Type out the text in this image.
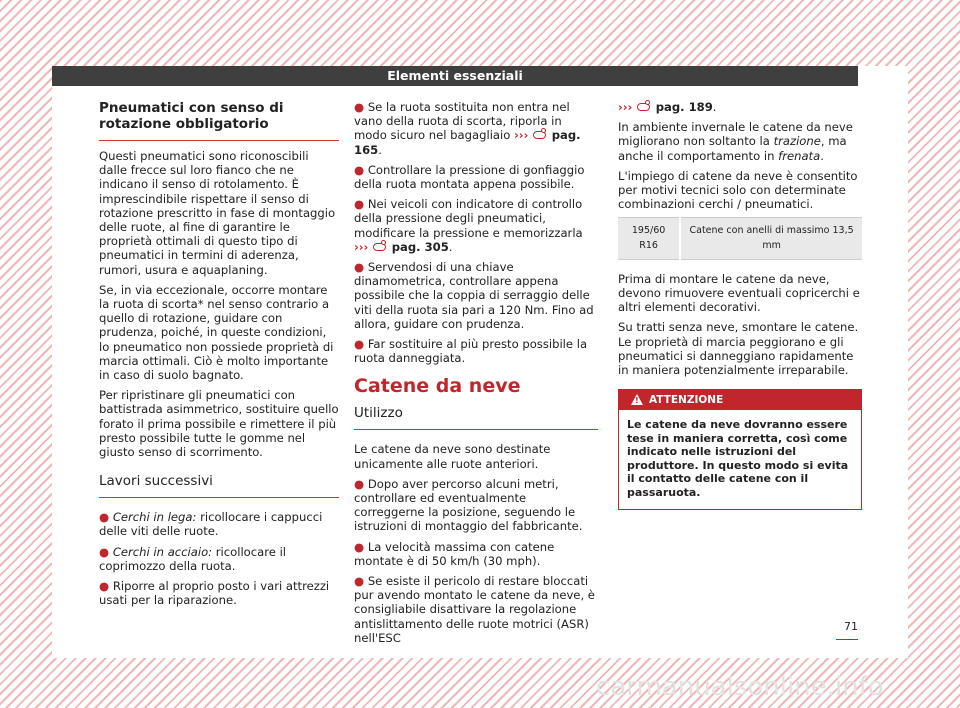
Elementi essenziali
Pneumatici con senso di rotazione obbligatorio

Questi pneumatici sono riconoscibili dalle frecce sul loro fianco che ne indicano il senso di rotolamento. È imprescindibile rispettare il senso di rotazione prescritto in fase di montaggio delle ruote, al fine di garantire le proprietà ottimali di questo tipo di pneumatici in termini di aderenza, rumori, usura e aquaplaning.

Se, in via eccezionale, occorre montare la ruota di scorta* nel senso contrario a quello di rotazione, guidare con prudenza, poiché, in queste condizioni, lo pneumatico non possiede proprietà di marcia ottimali. Ciò è molto importante in caso di suolo bagnato.

Per ripristinare gli pneumatici con battistrada asimmetrico, sostituire quello forato il prima possibile e rimettere il più presto possibile tutte le gomme nel giusto senso di scorrimento.

Lavori successivi

● Cerchi in lega: ricollocare i cappucci delle viti delle ruote.

● Cerchi in acciaio: ricollocare il coprimozzo della ruota.

● Riporre al proprio posto i vari attrezzi usati per la riparazione.

● Se la ruota sostituita non entra nel vano della ruota di scorta, riporla in modo sicuro nel bagagliaio ››› pag. 165.

● Controllare la pressione di gonfiaggio della ruota montata appena possibile.

● Nei veicoli con indicatore di controllo della pressione degli pneumatici, modificare la pressione e memorizzarla ››› pag. 305.

● Servendosi di una chiave dinamometrica, controllare appena possibile che la coppia di serraggio delle viti della ruota sia pari a 120 Nm. Fino ad allora, guidare con prudenza.

● Far sostituire al più presto possibile la ruota danneggiata.

Catene da neve
Utilizzo

Le catene da neve sono destinate unicamente alle ruote anteriori.

● Dopo aver percorso alcuni metri, controllare ed eventualmente correggerne la posizione, seguendo le istruzioni di montaggio del fabbricante.

● La velocità massima con catene montate è di 50 km/h (30 mph).

● Se esiste il pericolo di restare bloccati pur avendo montato le catene da neve, è consigliabile disattivare la regolazione antislittamento delle ruote motrici (ASR) nell'ESC

››› pag. 189.

In ambiente invernale le catene da neve migliorano non soltanto la trazione, ma anche il comportamento in frenata.

L'impiego di catene da neve è consentito per motivi tecnici solo con determinate combinazioni cerchi / pneumatici.

195/60 R16	Catene con anelli di massimo 13,5 mm

Prima di montare le catene da neve, devono rimuovere eventuali copricerchi e altri elementi decorativi.

Su tratti senza neve, smontare le catene. Le proprietà di marcia peggiorano e gli pneumatici si danneggiano rapidamente in maniera potenzialmente irreparabile.

!
ATTENZIONE
Le catene da neve dovranno essere tese in maniera corretta, così come indicato nelle istruzioni del produttore. In questo modo si evita il contatto delle catene con il passaruota.
71
carmanualsonline.info
